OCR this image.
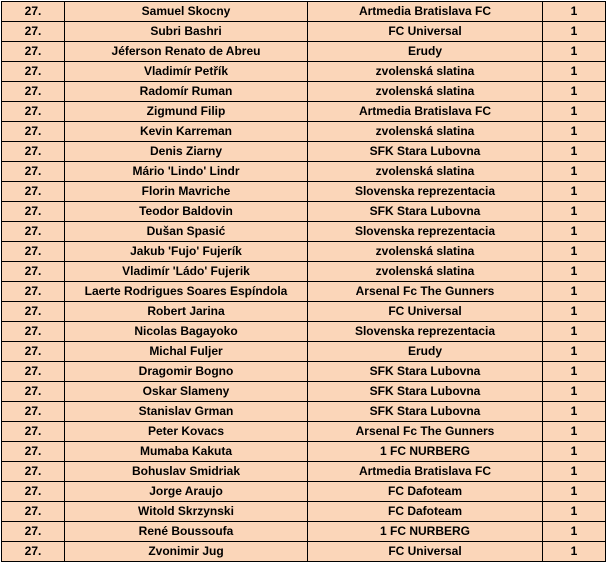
27.	Samuel Skocny	Artmedia Bratislava FC	1
27.	Subri Bashri	FC Universal	1
27.	Jéferson Renato de Abreu	Erudy	1
27.	Vladimír Petřík	zvolenská slatina	1
27.	Radomír Ruman	zvolenská slatina	1
27.	Zigmund Filip	Artmedia Bratislava FC	1
27.	Kevin Karreman	zvolenská slatina	1
27.	Denis Ziarny	SFK Stara Lubovna	1
27.	Mário 'Lindo' Lindr	zvolenská slatina	1
27.	Florin Mavriche	Slovenska reprezentacia	1
27.	Teodor Baldovin	SFK Stara Lubovna	1
27.	Dušan Spasić	Slovenska reprezentacia	1
27.	Jakub 'Fujo' Fujerík	zvolenská slatina	1
27.	Vladimír 'Ládo' Fujerik	zvolenská slatina	1
27.	Laerte Rodrigues Soares Espíndola	Arsenal Fc The Gunners	1
27.	Robert Jarina	FC Universal	1
27.	Nicolas Bagayoko	Slovenska reprezentacia	1
27.	Michal Fuljer	Erudy	1
27.	Dragomir Bogno	SFK Stara Lubovna	1
27.	Oskar Slameny	SFK Stara Lubovna	1
27.	Stanislav Grman	SFK Stara Lubovna	1
27.	Peter Kovacs	Arsenal Fc The Gunners	1
27.	Mumaba Kakuta	1 FC NURBERG	1
27.	Bohuslav Smidriak	Artmedia Bratislava FC	1
27.	Jorge Araujo	FC Dafoteam	1
27.	Witold Skrzynski	FC Dafoteam	1
27.	René Boussoufa	1 FC NURBERG	1
27.	Zvonimir Jug	FC Universal	1
